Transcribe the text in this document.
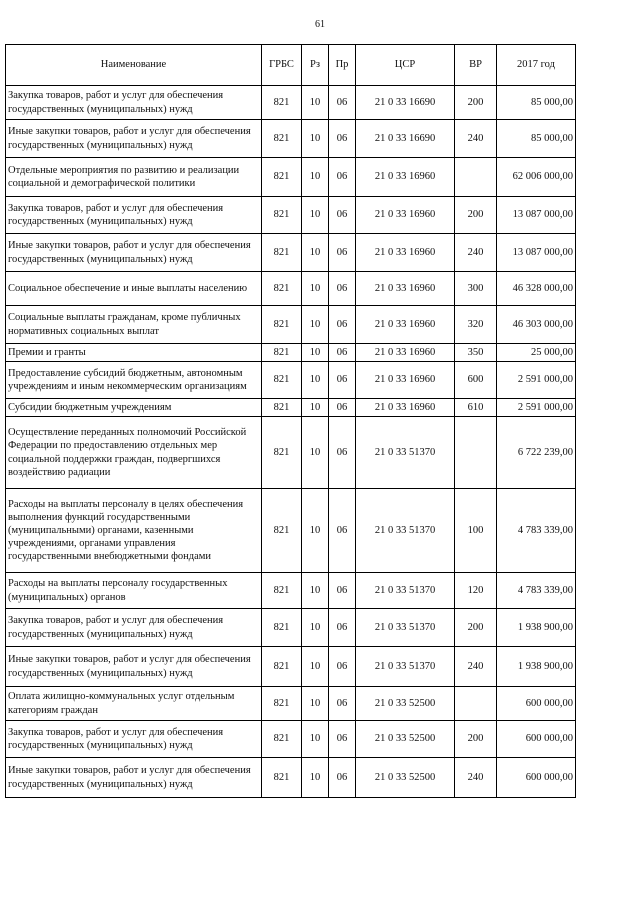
61
Наименование	ГРБС	Рз	Пр	ЦСР	ВР	2017 год
Закупка товаров, работ и услуг для обеспечения государственных (муниципальных) нужд	821	10	06	21 0 33 16690	200	85 000,00
Иные закупки товаров, работ и услуг для обеспечения государственных (муниципальных) нужд	821	10	06	21 0 33 16690	240	85 000,00
Отдельные мероприятия по развитию и реализации социальной и демографической политики	821	10	06	21 0 33 16960		62 006 000,00
Закупка товаров, работ и услуг для обеспечения государственных (муниципальных) нужд	821	10	06	21 0 33 16960	200	13 087 000,00
Иные закупки товаров, работ и услуг для обеспечения государственных (муниципальных) нужд	821	10	06	21 0 33 16960	240	13 087 000,00
Социальное обеспечение и иные выплаты населению	821	10	06	21 0 33 16960	300	46 328 000,00
Социальные выплаты гражданам, кроме публичных нормативных социальных выплат	821	10	06	21 0 33 16960	320	46 303 000,00
Премии и гранты	821	10	06	21 0 33 16960	350	25 000,00
Предоставление субсидий бюджетным, автономным учреждениям и иным некоммерческим организациям	821	10	06	21 0 33 16960	600	2 591 000,00
Субсидии бюджетным учреждениям	821	10	06	21 0 33 16960	610	2 591 000,00
Осуществление переданных полномочий Российской Федерации по предоставлению отдельных мер социальной поддержки граждан, подвергшихся воздействию радиации	821	10	06	21 0 33 51370		6 722 239,00
Расходы на выплаты персоналу в целях обеспечения выполнения функций государственными (муниципальными) органами, казенными учреждениями, органами управления государственными внебюджетными фондами	821	10	06	21 0 33 51370	100	4 783 339,00
Расходы на выплаты персоналу государственных (муниципальных) органов	821	10	06	21 0 33 51370	120	4 783 339,00
Закупка товаров, работ и услуг для обеспечения государственных (муниципальных) нужд	821	10	06	21 0 33 51370	200	1 938 900,00
Иные закупки товаров, работ и услуг для обеспечения государственных (муниципальных) нужд	821	10	06	21 0 33 51370	240	1 938 900,00
Оплата жилищно-коммунальных услуг отдельным категориям граждан	821	10	06	21 0 33 52500		600 000,00
Закупка товаров, работ и услуг для обеспечения государственных (муниципальных) нужд	821	10	06	21 0 33 52500	200	600 000,00
Иные закупки товаров, работ и услуг для обеспечения государственных (муниципальных) нужд	821	10	06	21 0 33 52500	240	600 000,00
